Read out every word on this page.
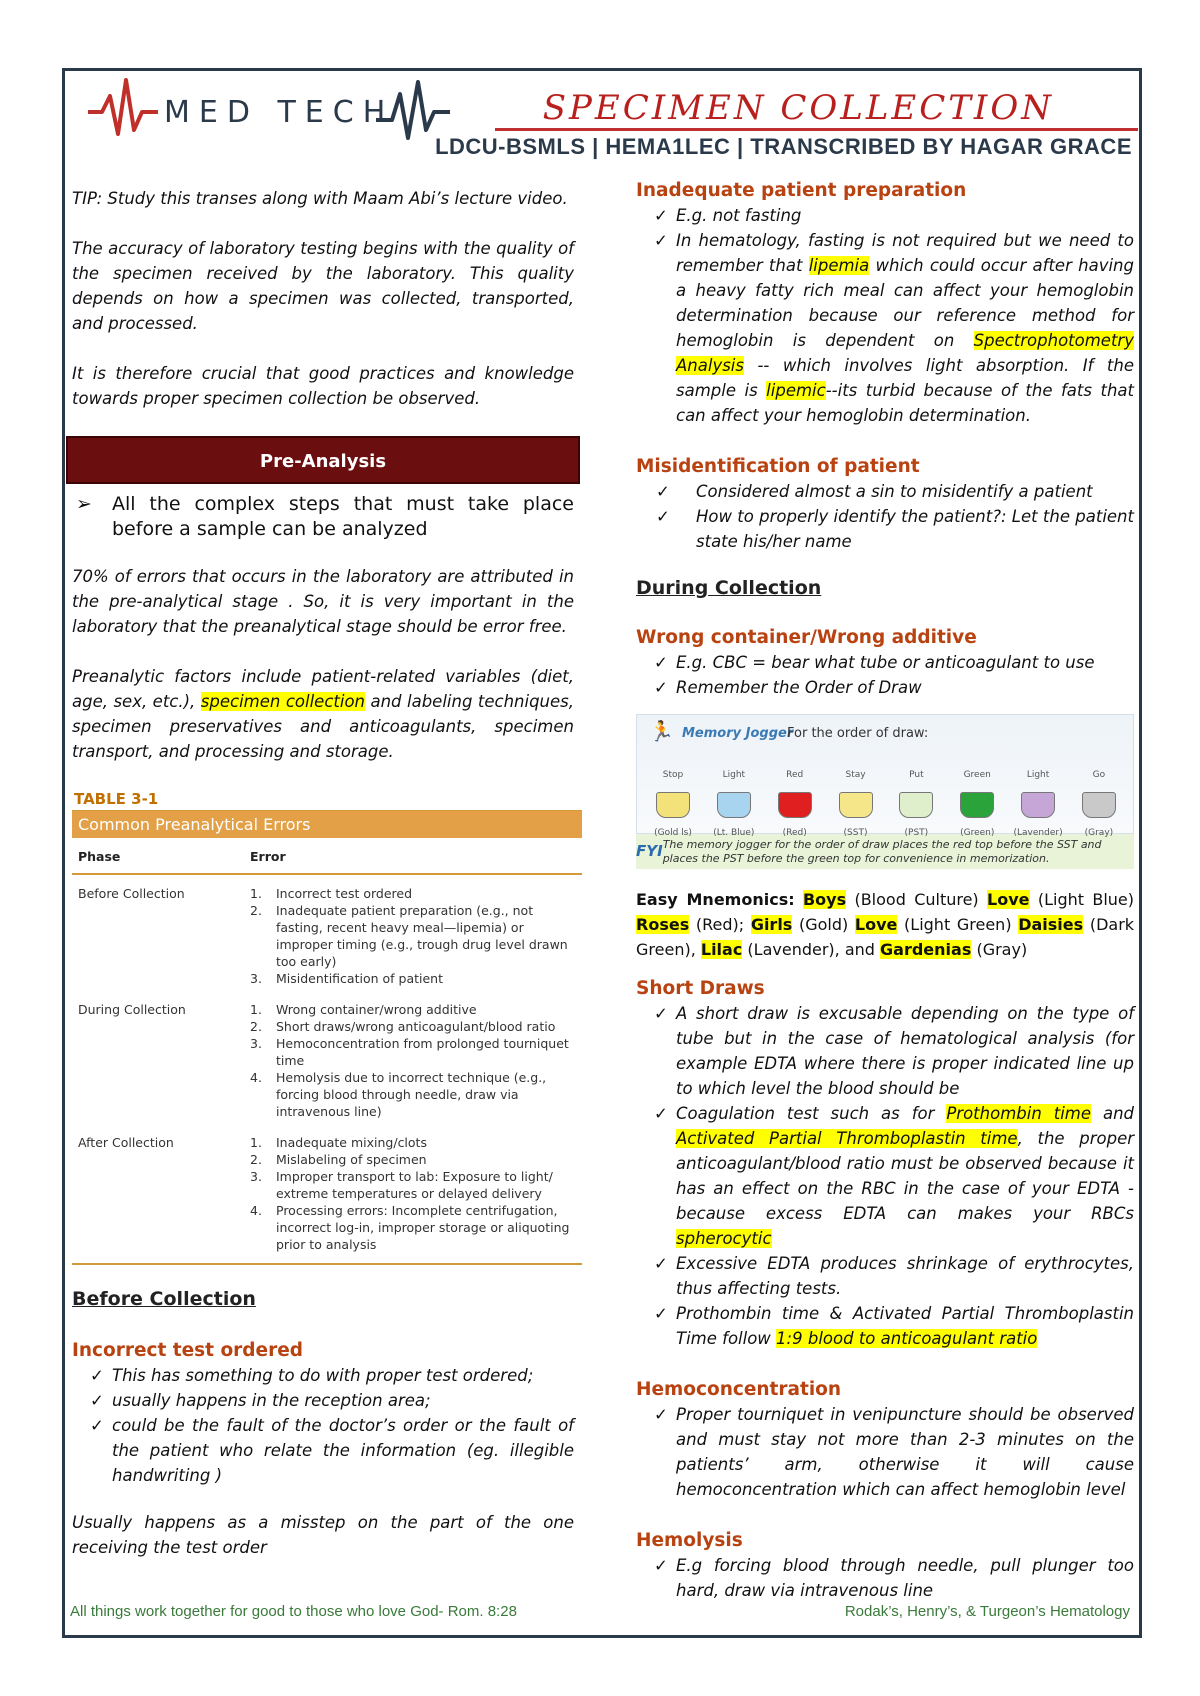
MED TECH	SPECIMEN COLLECTION
LDCU-BSMLS | HEMA1LEC | TRANSCRIBED BY HAGAR GRACE

TIP: Study this transes along with Maam Abi’s lecture video.

The accuracy of laboratory testing begins with the quality of the specimen received by the laboratory. This quality depends on how a specimen was collected, transported, and processed.

It is therefore crucial that good practices and knowledge towards proper specimen collection be observed.

Pre-Analysis
➢	All the complex steps that must take place before a sample can be analyzed

70% of errors that occurs in the laboratory are attributed in the pre-analytical stage . So, it is very important in the laboratory that the preanalytical stage should be error free.

Preanalytic factors include patient-related variables (diet, age, sex, etc.), specimen collection and labeling techniques, specimen preservatives and anticoagulants, specimen transport, and processing and storage.

TABLE 3-1
Common Preanalytical Errors
Phase	Error
Before Collection	1.	Incorrect test ordered
2.	Inadequate patient preparation (e.g., not fasting, recent heavy meal—lipemia) or improper timing (e.g., trough drug level drawn too early)
3.	Misidentification of patient
During Collection	1.	Wrong container/wrong additive
2.	Short draws/wrong anticoagulant/blood ratio
3.	Hemoconcentration from prolonged tourniquet time
4.	Hemolysis due to incorrect technique (e.g., forcing blood through needle, draw via intravenous line)
After Collection	1.	Inadequate mixing/clots
2.	Mislabeling of specimen
3.	Improper transport to lab: Exposure to light/ extreme temperatures or delayed delivery
4.	Processing errors: Incomplete centrifugation, incorrect log-in, improper storage or aliquoting prior to analysis
Before Collection
Incorrect test ordered
✓ This has something to do with proper test ordered;
✓ usually happens in the reception area;
✓ could be the fault of the doctor’s order or the fault of the patient who relate the information (eg. illegible handwriting )

Usually happens as a misstep on the part of the one receiving the test order

Inadequate patient preparation
✓ E.g. not fasting
✓ In hematology, fasting is not required but we need to remember that lipemia which could occur after having a heavy fatty rich meal can affect your hemoglobin determination because our reference method for hemoglobin is dependent on Spectrophotometry Analysis -- which involves light absorption. If the sample is lipemic--its turbid because of the fats that can affect your hemoglobin determination.
Misidentification of patient
✓ Considered almost a sin to misidentify a patient
✓ How to properly identify the patient?: Let the patient state his/her name
During Collection
Wrong container/Wrong additive
✓ E.g. CBC = bear what tube or anticoagulant to use
✓ Remember the Order of Draw
🏃 Memory Jogger
For the order of draw:
Stop
(Gold ls)
Light
(Lt. Blue)
Red
(Red)
Stay
(SST)
Put
(PST)
Green
(Green)
Light
(Lavender)
Go
(Gray)
FYI The memory jogger for the order of draw places the red top before the SST and places the PST before the green top for convenience in memorization.

Easy Mnemonics: Boys (Blood Culture) Love (Light Blue) Roses (Red); Girls (Gold) Love (Light Green) Daisies (Dark Green), Lilac (Lavender), and Gardenias (Gray)

Short Draws
✓ A short draw is excusable depending on the type of tube but in the case of hematological analysis (for example EDTA where there is proper indicated line up to which level the blood should be
✓ Coagulation test such as for Prothombin time and Activated Partial Thromboplastin time, the proper anticoagulant/blood ratio must be observed because it has an effect on the RBC in the case of your EDTA - because excess EDTA can makes your RBCs spherocytic
✓ Excessive EDTA produces shrinkage of erythrocytes, thus affecting tests.
✓ Prothombin time & Activated Partial Thromboplastin Time follow 1:9 blood to anticoagulant ratio
Hemoconcentration
✓ Proper tourniquet in venipuncture should be observed and must stay not more than 2-3 minutes on the patients’ arm, otherwise it will cause hemoconcentration which can affect hemoglobin level
Hemolysis
✓ E.g forcing blood through needle, pull plunger too hard, draw via intravenous line
All things work together for good to those who love God- Rom. 8:28	Rodak’s, Henry’s, & Turgeon’s Hematology
